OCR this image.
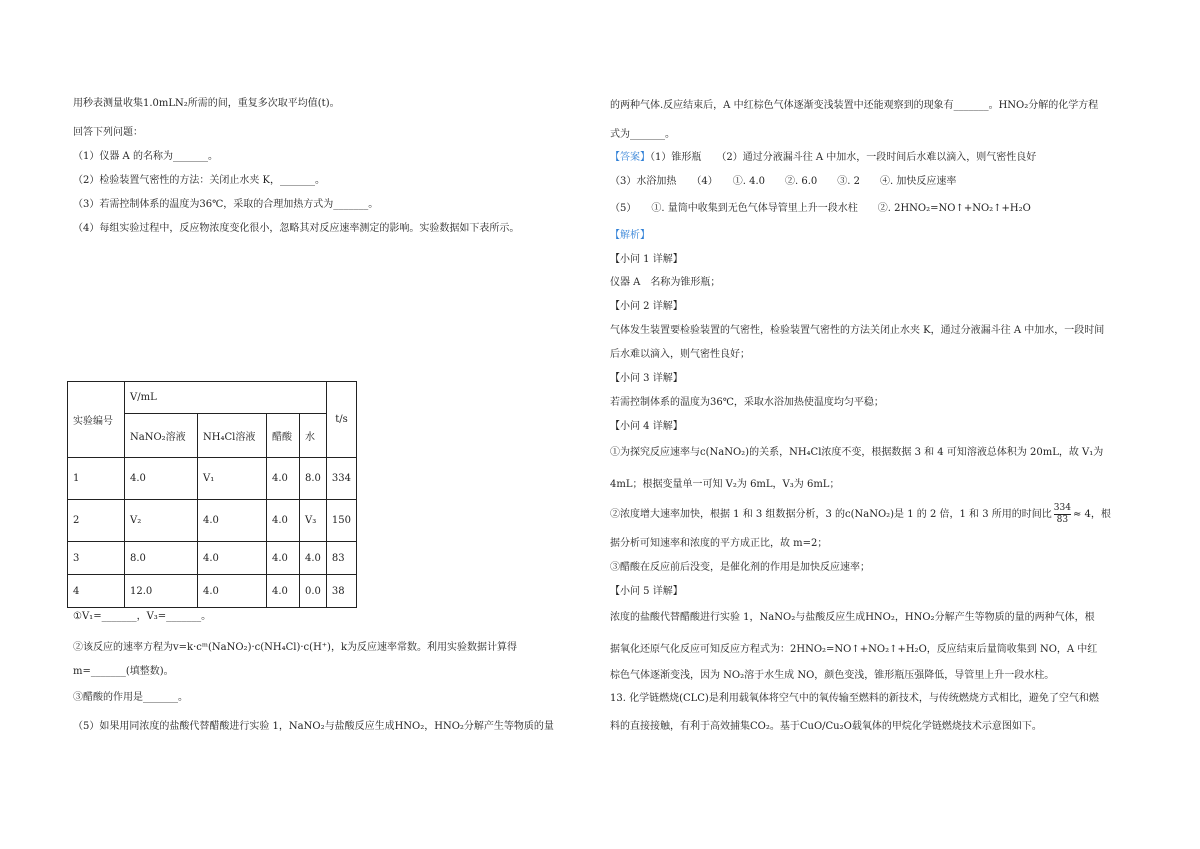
用秒表测量收集1.0mLN₂所需的间，重复多次取平均值(t)。
回答下列问题：
（1）仪器 A 的名称为_______。
（2）检验装置气密性的方法：关闭止水夹 K，_______。
（3）若需控制体系的温度为36℃，采取的合理加热方式为_______。
（4）每组实验过程中，反应物浓度变化很小，忽略其对反应速率测定的影响。实验数据如下表所示。
①V₁=_______，V₃=_______。
②该反应的速率方程为v=k·cᵐ(NaNO₂)·c(NH₄Cl)·c(H⁺)，k为反应速率常数。利用实验数据计算得
m=_______(填整数)。
③醋酸的作用是_______。
（5）如果用同浓度的盐酸代替醋酸进行实验 1，NaNO₂与盐酸反应生成HNO₂，HNO₂分解产生等物质的量
实验编号	V/mL				t/s
	NaNO₂溶液	NH₄Cl溶液	醋酸	水	
1	4.0	V₁	4.0	8.0	334
2	V₂	4.0	4.0	V₃	150
3	8.0	4.0	4.0	4.0	83
4	12.0	4.0	4.0	0.0	38
的两种气体.反应结束后，A 中红棕色气体逐渐变浅装置中还能观察到的现象有_______。HNO₂分解的化学方程
式为_______。
【答案】（1）锥形瓶　　（2）通过分液漏斗往 A 中加水，一段时间后水难以滴入，则气密性良好
（3）水浴加热　　（4）　　①. 4.0　　②. 6.0　　③. 2　　④. 加快反应速率
（5）　　①. 量筒中收集到无色气体导管里上升一段水柱　　②. 2HNO₂=NO↑+NO₂↑+H₂O
【解析】
【小问 1 详解】
仪器 A　名称为锥形瓶；
【小问 2 详解】
气体发生装置要检验装置的气密性，检验装置气密性的方法关闭止水夹 K，通过分液漏斗往 A 中加水，一段时间
后水难以滴入，则气密性良好；
【小问 3 详解】
若需控制体系的温度为36℃，采取水浴加热使温度均匀平稳；
【小问 4 详解】
①为探究反应速率与c(NaNO₂)的关系，NH₄Cl浓度不变，根据数据 3 和 4 可知溶液总体积为 20mL，故 V₁为
4mL；根据变量单一可知 V₂为 6mL，V₃为 6mL；
②浓度增大速率加快，根据 1 和 3 组数据分析，3 的c(NaNO₂)是 1 的 2 倍，1 和 3 所用的时间比 $\frac{334}{83} \approx 4$，根
据分析可知速率和浓度的平方成正比，故 m=2；
③醋酸在反应前后没变，是催化剂的作用是加快反应速率；
【小问 5 详解】
浓度的盐酸代替醋酸进行实验 1，NaNO₂与盐酸反应生成HNO₂，HNO₂分解产生等物质的量的两种气体，根
据氧化还原气化反应可知反应方程式为：2HNO₂=NO↑+NO₂↑+H₂O，反应结束后量筒收集到 NO，A 中红
棕色气体逐渐变浅，因为 NO₂溶于水生成 NO，颜色变浅，锥形瓶压强降低，导管里上升一段水柱。
13. 化学链燃烧(CLC)是利用载氧体将空气中的氧传输至燃料的新技术，与传统燃烧方式相比，避免了空气和燃
料的直接接触，有利于高效捕集CO₂。基于CuO/Cu₂O载氧体的甲烷化学链燃烧技术示意图如下。
